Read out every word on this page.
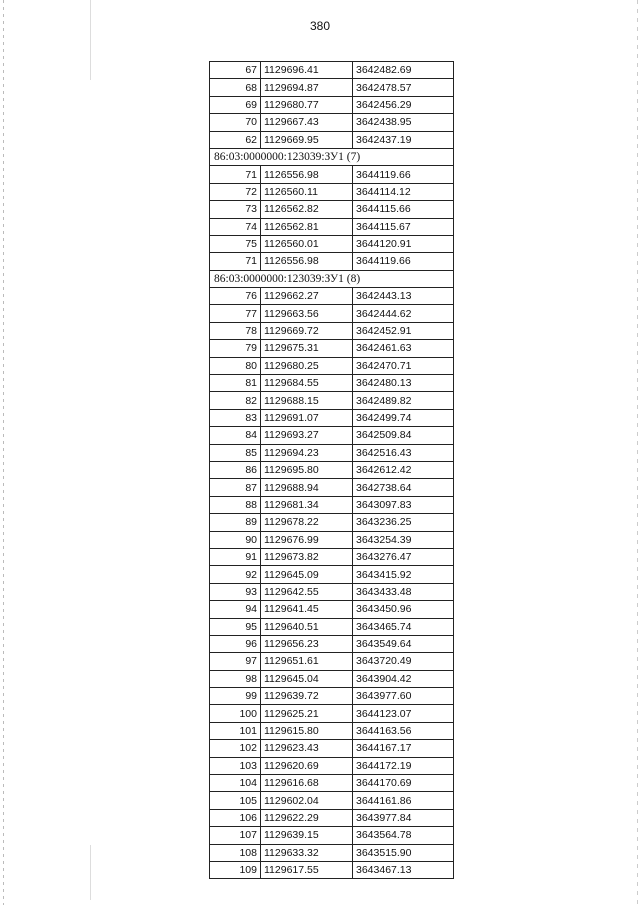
380
67	1129696.41	3642482.69
68	1129694.87	3642478.57
69	1129680.77	3642456.29
70	1129667.43	3642438.95
62	1129669.95	3642437.19
86:03:0000000:123039:ЗУ1 (7)		
71	1126556.98	3644119.66
72	1126560.11	3644114.12
73	1126562.82	3644115.66
74	1126562.81	3644115.67
75	1126560.01	3644120.91
71	1126556.98	3644119.66
86:03:0000000:123039:ЗУ1 (8)		
76	1129662.27	3642443.13
77	1129663.56	3642444.62
78	1129669.72	3642452.91
79	1129675.31	3642461.63
80	1129680.25	3642470.71
81	1129684.55	3642480.13
82	1129688.15	3642489.82
83	1129691.07	3642499.74
84	1129693.27	3642509.84
85	1129694.23	3642516.43
86	1129695.80	3642612.42
87	1129688.94	3642738.64
88	1129681.34	3643097.83
89	1129678.22	3643236.25
90	1129676.99	3643254.39
91	1129673.82	3643276.47
92	1129645.09	3643415.92
93	1129642.55	3643433.48
94	1129641.45	3643450.96
95	1129640.51	3643465.74
96	1129656.23	3643549.64
97	1129651.61	3643720.49
98	1129645.04	3643904.42
99	1129639.72	3643977.60
100	1129625.21	3644123.07
101	1129615.80	3644163.56
102	1129623.43	3644167.17
103	1129620.69	3644172.19
104	1129616.68	3644170.69
105	1129602.04	3644161.86
106	1129622.29	3643977.84
107	1129639.15	3643564.78
108	1129633.32	3643515.90
109	1129617.55	3643467.13
